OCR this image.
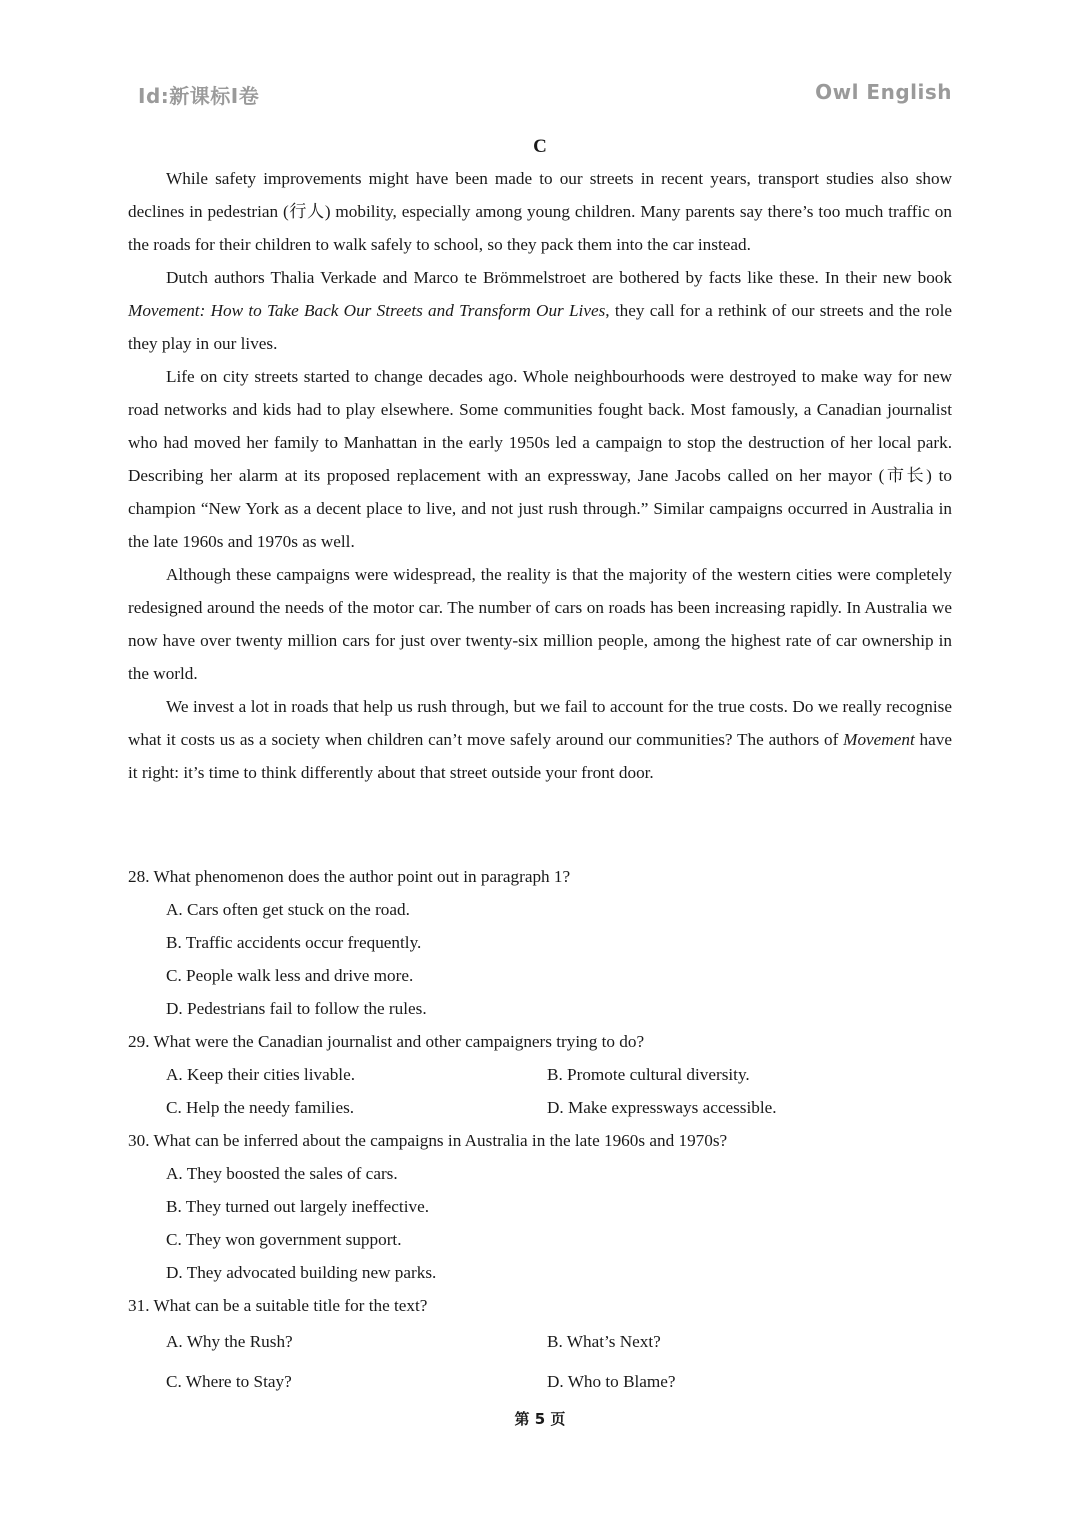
Id:新课标I卷	Owl English
C

While safety improvements might have been made to our streets in recent years, transport studies also show declines in pedestrian (行人) mobility, especially among young children. Many parents say there’s too much traffic on the roads for their children to walk safely to school, so they pack them into the car instead.

Dutch authors Thalia Verkade and Marco te Brömmelstroet are bothered by facts like these. In their new book Movement: How to Take Back Our Streets and Transform Our Lives, they call for a rethink of our streets and the role they play in our lives.

Life on city streets started to change decades ago. Whole neighbourhoods were destroyed to make way for new road networks and kids had to play elsewhere. Some communities fought back. Most famously, a Canadian journalist who had moved her family to Manhattan in the early 1950s led a campaign to stop the destruction of her local park. Describing her alarm at its proposed replacement with an expressway, Jane Jacobs called on her mayor (市长) to champion “New York as a decent place to live, and not just rush through.” Similar campaigns occurred in Australia in the late 1960s and 1970s as well.

Although these campaigns were widespread, the reality is that the majority of the western cities were completely redesigned around the needs of the motor car. The number of cars on roads has been increasing rapidly. In Australia we now have over twenty million cars for just over twenty-six million people, among the highest rate of car ownership in the world.

We invest a lot in roads that help us rush through, but we fail to account for the true costs. Do we really recognise what it costs us as a society when children can’t move safely around our communities? The authors of Movement have it right: it’s time to think differently about that street outside your front door.

28. What phenomenon does the author point out in paragraph 1?
A. Cars often get stuck on the road.
B. Traffic accidents occur frequently.
C. People walk less and drive more.
D. Pedestrians fail to follow the rules.
29. What were the Canadian journalist and other campaigners trying to do?
A. Keep their cities livable.	B. Promote cultural diversity.
C. Help the needy families.	D. Make expressways accessible.
30. What can be inferred about the campaigns in Australia in the late 1960s and 1970s?
A. They boosted the sales of cars.
B. They turned out largely ineffective.
C. They won government support.
D. They advocated building new parks.
31. What can be a suitable title for the text?
A. Why the Rush?	B. What’s Next?
C. Where to Stay?	D. Who to Blame?
第 5 页
